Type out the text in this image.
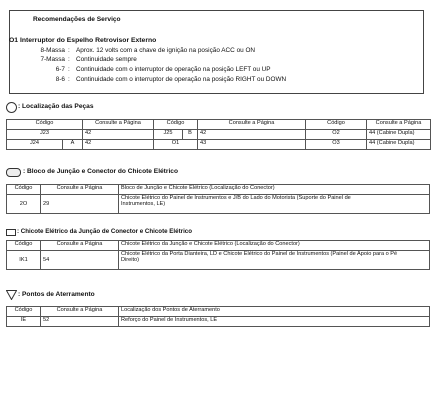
Recomendações de Serviço
O1 Interruptor do Espelho Retrovisor Externo
8-Massa : Aprox. 12 volts com a chave de ignição na posição ACC ou ON
7-Massa : Continuidade sempre
6-7 : Continuidade com o interruptor de operação na posição LEFT ou UP
8-6 : Continuidade com o interruptor de operação na posição RIGHT ou DOWN
: Localização das Peças
Código		Consulte a Página	Código		Consulte a Página	Código	Consulte a Página
J23		42	J25	B	42	O2	44 (Cabine Dupla)
J24	A	42	O1		43	O3	44 (Cabine Dupla)
: Bloco de Junção e Conector do Chicote Elétrico
Código	Consulte a Página	Bloco de Junção e Chicote Elétrico (Localização do Conector)
2O	29	Chicote Elétrico do Painel de Instrumentos e J/B do Lado do Motorista (Suporte do Painel de Instrumentos, LE)
: Chicote Elétrico da Junção de Conector e Chicote Elétrico
Código	Consulte a Página	Chicote Elétrico da Junção e Chicote Elétrico (Localização do Conector)
IK1	54	Chicote Elétrico da Porta Dianteira, LD e Chicote Elétrico do Painel de Instrumentos (Painel de Apoio para o Pé Direito)
: Pontos de Aterramento
Código	Consulte a Página	Localização dos Pontos de Aterramento
IE	52	Reforço do Painel de Instrumentos, LE
